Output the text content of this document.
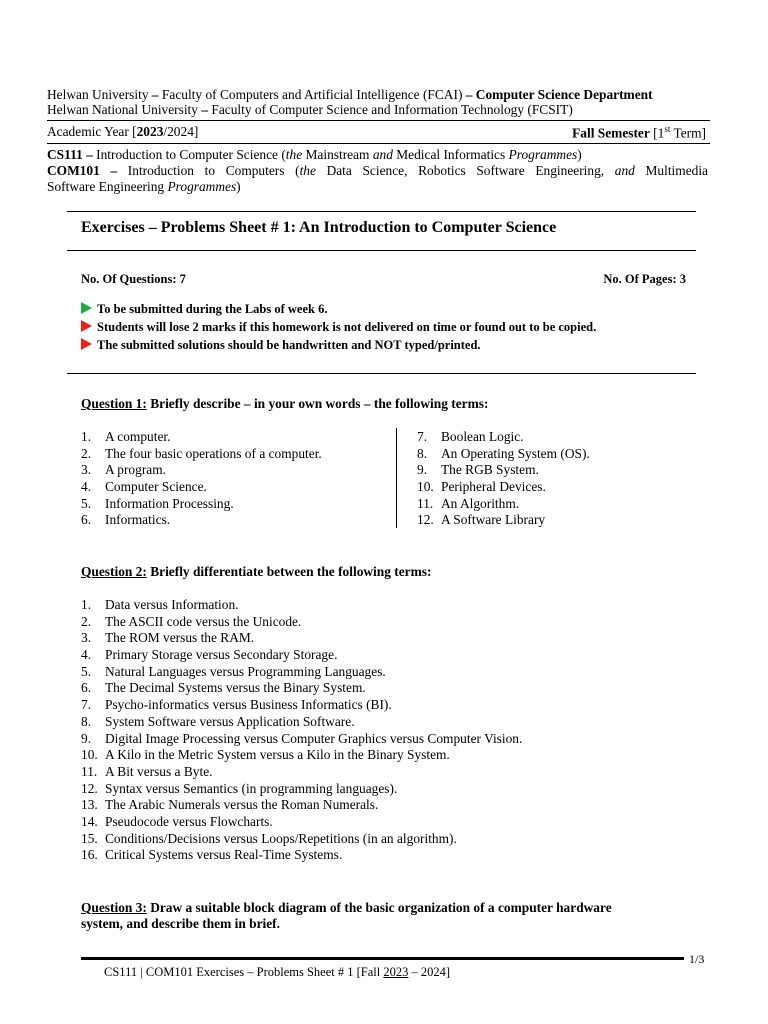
Helwan University – Faculty of Computers and Artificial Intelligence (FCAI) – Computer Science Department
Helwan National University – Faculty of Computer Science and Information Technology (FCSIT)
Academic Year [2023/2024]	Fall Semester [1st Term]
CS111 – Introduction to Computer Science (the Mainstream and Medical Informatics Programmes)
COM101 – Introduction to Computers (the Data Science, Robotics Software Engineering, and Multimedia
Software Engineering Programmes)
Exercises – Problems Sheet # 1: An Introduction to Computer Science
No. Of Questions: 7	No. Of Pages: 3
To be submitted during the Labs of week 6.
Students will lose 2 marks if this homework is not delivered on time or found out to be copied.
The submitted solutions should be handwritten and NOT typed/printed.
Question 1: Briefly describe – in your own words – the following terms:
1. A computer.
2. The four basic operations of a computer.
3. A program.
4. Computer Science.
5. Information Processing.
6. Informatics.
7. Boolean Logic.
8. An Operating System (OS).
9. The RGB System.
10. Peripheral Devices.
11. An Algorithm.
12. A Software Library
Question 2: Briefly differentiate between the following terms:
1. Data versus Information.
2. The ASCII code versus the Unicode.
3. The ROM versus the RAM.
4. Primary Storage versus Secondary Storage.
5. Natural Languages versus Programming Languages.
6. The Decimal Systems versus the Binary System.
7. Psycho-informatics versus Business Informatics (BI).
8. System Software versus Application Software.
9. Digital Image Processing versus Computer Graphics versus Computer Vision.
10. A Kilo in the Metric System versus a Kilo in the Binary System.
11. A Bit versus a Byte.
12. Syntax versus Semantics (in programming languages).
13. The Arabic Numerals versus the Roman Numerals.
14. Pseudocode versus Flowcharts.
15. Conditions/Decisions versus Loops/Repetitions (in an algorithm).
16. Critical Systems versus Real-Time Systems.
Question 3: Draw a suitable block diagram of the basic organization of a computer hardware
system, and describe them in brief.
1/3
CS111 | COM101 Exercises – Problems Sheet # 1 [Fall 2023 – 2024]
